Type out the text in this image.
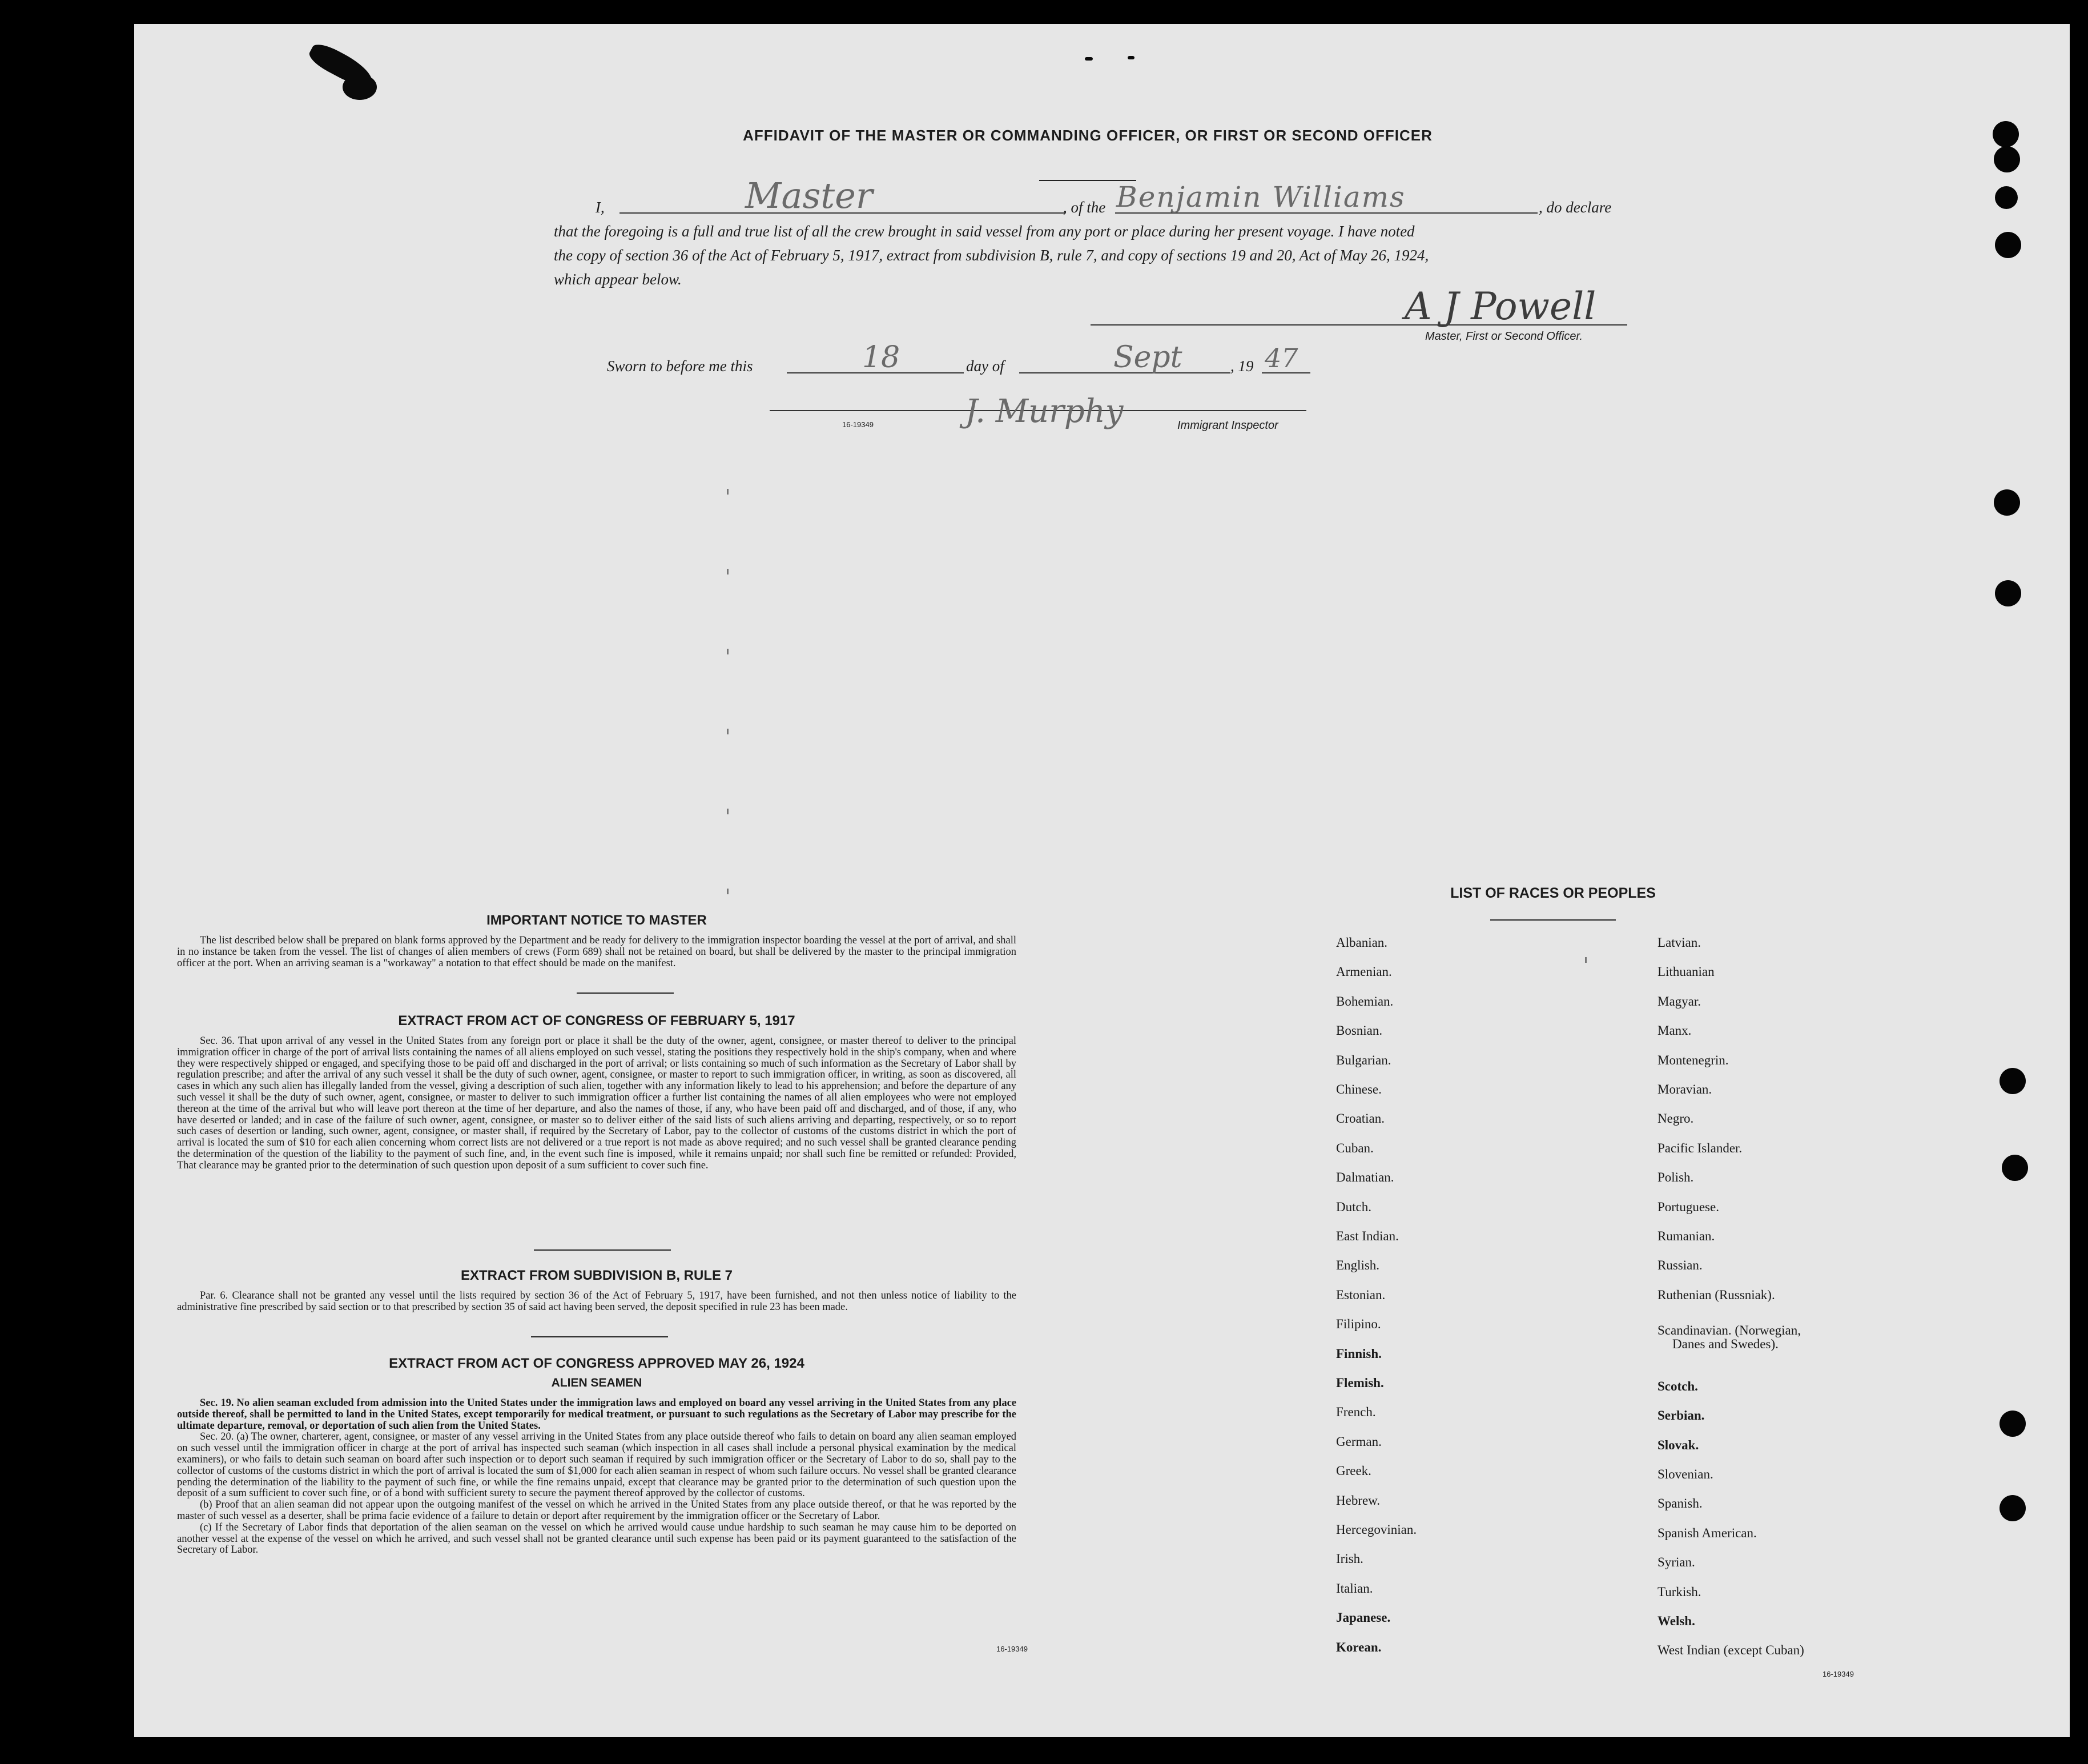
AFFIDAVIT OF THE MASTER OR COMMANDING OFFICER, OR FIRST OR SECOND OFFICER
I,	Master	, of the Benjamin Williams	, do declare
that the foregoing is a full and true list of all the crew brought in said vessel from any port or place during her present voyage. I have noted
the copy of section 36 of the Act of February 5, 1917, extract from subdivision B, rule 7, and copy of sections 19 and 20, Act of May 26, 1924,
which appear below.
A J Powell
Master, First or Second Officer.
Sworn to before me this	18	day of	Sept	, 19 47
16-19349	J. Murphy	Immigrant Inspector
IMPORTANT NOTICE TO MASTER

The list described below shall be prepared on blank forms approved by the Department and be ready for delivery to the immigration inspector boarding the vessel at the port of arrival, and shall in no instance be taken from the vessel. The list of changes of alien members of crews (Form 689) shall not be retained on board, but shall be delivered by the master to the principal immigration officer at the port. When an arriving seaman is a "workaway" a notation to that effect should be made on the manifest.

EXTRACT FROM ACT OF CONGRESS OF FEBRUARY 5, 1917

Sec. 36. That upon arrival of any vessel in the United States from any foreign port or place it shall be the duty of the owner, agent, consignee, or master thereof to deliver to the principal immigration officer in charge of the port of arrival lists containing the names of all aliens employed on such vessel, stating the positions they respectively hold in the ship's company, when and where they were respectively shipped or engaged, and specifying those to be paid off and discharged in the port of arrival; or lists containing so much of such information as the Secretary of Labor shall by regulation prescribe; and after the arrival of any such vessel it shall be the duty of such owner, agent, consignee, or master to report to such immigration officer, in writing, as soon as discovered, all cases in which any such alien has illegally landed from the vessel, giving a description of such alien, together with any information likely to lead to his apprehension; and before the departure of any such vessel it shall be the duty of such owner, agent, consignee, or master to deliver to such immigration officer a further list containing the names of all alien employees who were not employed thereon at the time of the arrival but who will leave port thereon at the time of her departure, and also the names of those, if any, who have been paid off and discharged, and of those, if any, who have deserted or landed; and in case of the failure of such owner, agent, consignee, or master so to deliver either of the said lists of such aliens arriving and departing, respectively, or so to report such cases of desertion or landing, such owner, agent, consignee, or master shall, if required by the Secretary of Labor, pay to the collector of customs of the customs district in which the port of arrival is located the sum of $10 for each alien concerning whom correct lists are not delivered or a true report is not made as above required; and no such vessel shall be granted clearance pending the determination of the question of the liability to the payment of such fine, and, in the event such fine is imposed, while it remains unpaid; nor shall such fine be remitted or refunded: Provided, That clearance may be granted prior to the determination of such question upon deposit of a sum sufficient to cover such fine.

EXTRACT FROM SUBDIVISION B, RULE 7

Par. 6. Clearance shall not be granted any vessel until the lists required by section 36 of the Act of February 5, 1917, have been furnished, and not then unless notice of liability to the administrative fine prescribed by said section or to that prescribed by section 35 of said act having been served, the deposit specified in rule 23 has been made.

EXTRACT FROM ACT OF CONGRESS APPROVED MAY 26, 1924
ALIEN SEAMEN

Sec. 19. No alien seaman excluded from admission into the United States under the immigration laws and employed on board any vessel arriving in the United States from any place outside thereof, shall be permitted to land in the United States, except temporarily for medical treatment, or pursuant to such regulations as the Secretary of Labor may prescribe for the ultimate departure, removal, or deportation of such alien from the United States.

Sec. 20. (a) The owner, charterer, agent, consignee, or master of any vessel arriving in the United States from any place outside thereof who fails to detain on board any alien seaman employed on such vessel until the immigration officer in charge at the port of arrival has inspected such seaman (which inspection in all cases shall include a personal physical examination by the medical examiners), or who fails to detain such seaman on board after such inspection or to deport such seaman if required by such immigration officer or the Secretary of Labor to do so, shall pay to the collector of customs of the customs district in which the port of arrival is located the sum of $1,000 for each alien seaman in respect of whom such failure occurs. No vessel shall be granted clearance pending the determination of the liability to the payment of such fine, or while the fine remains unpaid, except that clearance may be granted prior to the determination of such question upon the deposit of a sum sufficient to cover such fine, or of a bond with sufficient surety to secure the payment thereof approved by the collector of customs.

(b) Proof that an alien seaman did not appear upon the outgoing manifest of the vessel on which he arrived in the United States from any place outside thereof, or that he was reported by the master of such vessel as a deserter, shall be prima facie evidence of a failure to detain or deport after requirement by the immigration officer or the Secretary of Labor.

(c) If the Secretary of Labor finds that deportation of the alien seaman on the vessel on which he arrived would cause undue hardship to such seaman he may cause him to be deported on another vessel at the expense of the vessel on which he arrived, and such vessel shall not be granted clearance until such expense has been paid or its payment guaranteed to the satisfaction of the Secretary of Labor.

16-19349
LIST OF RACES OR PEOPLES
Albanian.
Armenian.
Bohemian.
Bosnian.
Bulgarian.
Chinese.
Croatian.
Cuban.
Dalmatian.
Dutch.
East Indian.
English.
Estonian.
Filipino.
Finnish.
Flemish.
French.
German.
Greek.
Hebrew.
Hercegovinian.
Irish.
Italian.
Japanese.
Korean.
Latvian.
Lithuanian
Magyar.
Manx.
Montenegrin.
Moravian.
Negro.
Pacific Islander.
Polish.
Portuguese.
Rumanian.
Russian.
Ruthenian (Russniak).
Scandinavian. (Norwegian,
Danes and Swedes).
Scotch.
Serbian.
Slovak.
Slovenian.
Spanish.
Spanish American.
Syrian.
Turkish.
Welsh.
West Indian (except Cuban)
16-19349
